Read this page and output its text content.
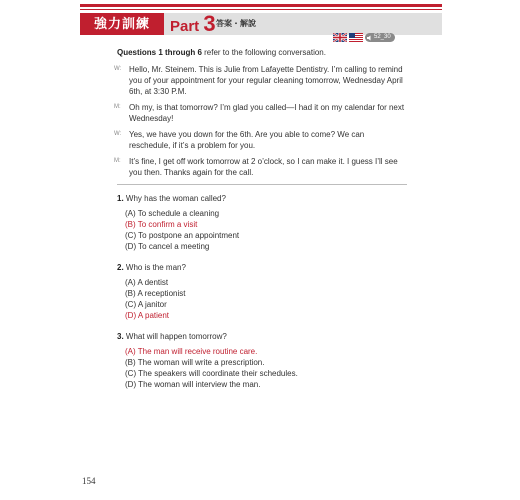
強力訓練	Part 3 答案・解說
52_30
Questions 1 through 6 refer to the following conversation.
W: Hello, Mr. Steinem. This is Julie from Lafayette Dentistry. I’m calling to remind you of your appointment for your regular cleaning tomorrow, Wednesday April 6th, at 3:30 P.M.
M:	Oh my, is that tomorrow? I’m glad you called—I had it on my calendar for next Wednesday!
W: Yes, we have you down for the 6th. Are you able to come? We can reschedule, if it’s a problem for you.
M:	It’s fine, I get off work tomorrow at 2 o’clock, so I can make it. I guess I’ll see you then. Thanks again for the call.
1. Why has the woman called?
(A) To schedule a cleaning
(B) To confirm a visit
(C) To postpone an appointment
(D) To cancel a meeting
2. Who is the man?
(A) A dentist
(B) A receptionist
(C) A janitor
(D) A patient
3. What will happen tomorrow?
(A) The man will receive routine care.
(B) The woman will write a prescription.
(C) The speakers will coordinate their schedules.
(D) The woman will interview the man.
154
